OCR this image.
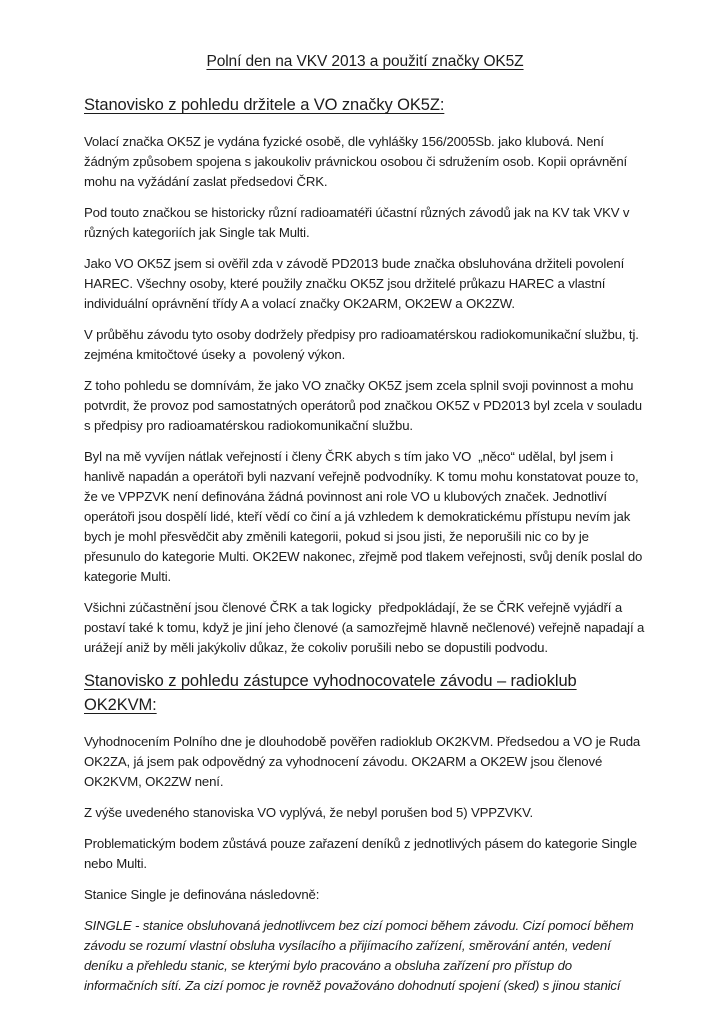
Polní den na VKV 2013 a použití značky OK5Z
Stanovisko z pohledu držitele a VO značky OK5Z:

Volací značka OK5Z je vydána fyzické osobě, dle vyhlášky 156/2005Sb. jako klubová. Není žádným způsobem spojena s jakoukoliv právnickou osobou či sdružením osob. Kopii oprávnění mohu na vyžádání zaslat předsedovi ČRK.

Pod touto značkou se historicky různí radioamatéři účastní různých závodů jak na KV tak VKV v různých kategoriích jak Single tak Multi.

Jako VO OK5Z jsem si ověřil zda v závodě PD2013 bude značka obsluhována držiteli povolení HAREC. Všechny osoby, které použily značku OK5Z jsou držitelé průkazu HAREC a vlastní individuální oprávnění třídy A a volací značky OK2ARM, OK2EW a OK2ZW.

V průběhu závodu tyto osoby dodržely předpisy pro radioamatérskou radiokomunikační službu, tj. zejména kmitočtové úseky a  povolený výkon.

Z toho pohledu se domnívám, že jako VO značky OK5Z jsem zcela splnil svoji povinnost a mohu potvrdit, že provoz pod samostatných operátorů pod značkou OK5Z v PD2013 byl zcela v souladu s předpisy pro radioamatérskou radiokomunikační službu.

Byl na mě vyvíjen nátlak veřejností i členy ČRK abych s tím jako VO  „něco“ udělal, byl jsem i hanlivě napadán a operátoři byli nazvaní veřejně podvodníky. K tomu mohu konstatovat pouze to, že ve VPPZVK není definována žádná povinnost ani role VO u klubových značek. Jednotliví operátoři jsou dospělí lidé, kteří vědí co činí a já vzhledem k demokratickému přístupu nevím jak bych je mohl přesvědčit aby změnili kategorii, pokud si jsou jisti, že neporušili nic co by je přesunulo do kategorie Multi. OK2EW nakonec, zřejmě pod tlakem veřejnosti, svůj deník poslal do kategorie Multi.

Všichni zúčastnění jsou členové ČRK a tak logicky  předpokládají, že se ČRK veřejně vyjádří a postaví také k tomu, když je jiní jeho členové (a samozřejmě hlavně nečlenové) veřejně napadají a urážejí aniž by měli jakýkoliv důkaz, že cokoliv porušili nebo se dopustili podvodu.

Stanovisko z pohledu zástupce vyhodnocovatele závodu – radioklub OK2KVM:

Vyhodnocením Polního dne je dlouhodobě pověřen radioklub OK2KVM. Předsedou a VO je Ruda OK2ZA, já jsem pak odpovědný za vyhodnocení závodu. OK2ARM a OK2EW jsou členové OK2KVM, OK2ZW není.

Z výše uvedeného stanoviska VO vyplývá, že nebyl porušen bod 5) VPPZVKV.

Problematickým bodem zůstává pouze zařazení deníků z jednotlivých pásem do kategorie Single nebo Multi.

Stanice Single je definována následovně:

SINGLE - stanice obsluhovaná jednotlivcem bez cizí pomoci během závodu. Cizí pomocí během závodu se rozumí vlastní obsluha vysílacího a přijímacího zařízení, směrování antén, vedení deníku a přehledu stanic, se kterými bylo pracováno a obsluha zařízení pro přístup do informačních sítí. Za cizí pomoc je rovněž považováno dohodnutí spojení (sked) s jinou stanicí
